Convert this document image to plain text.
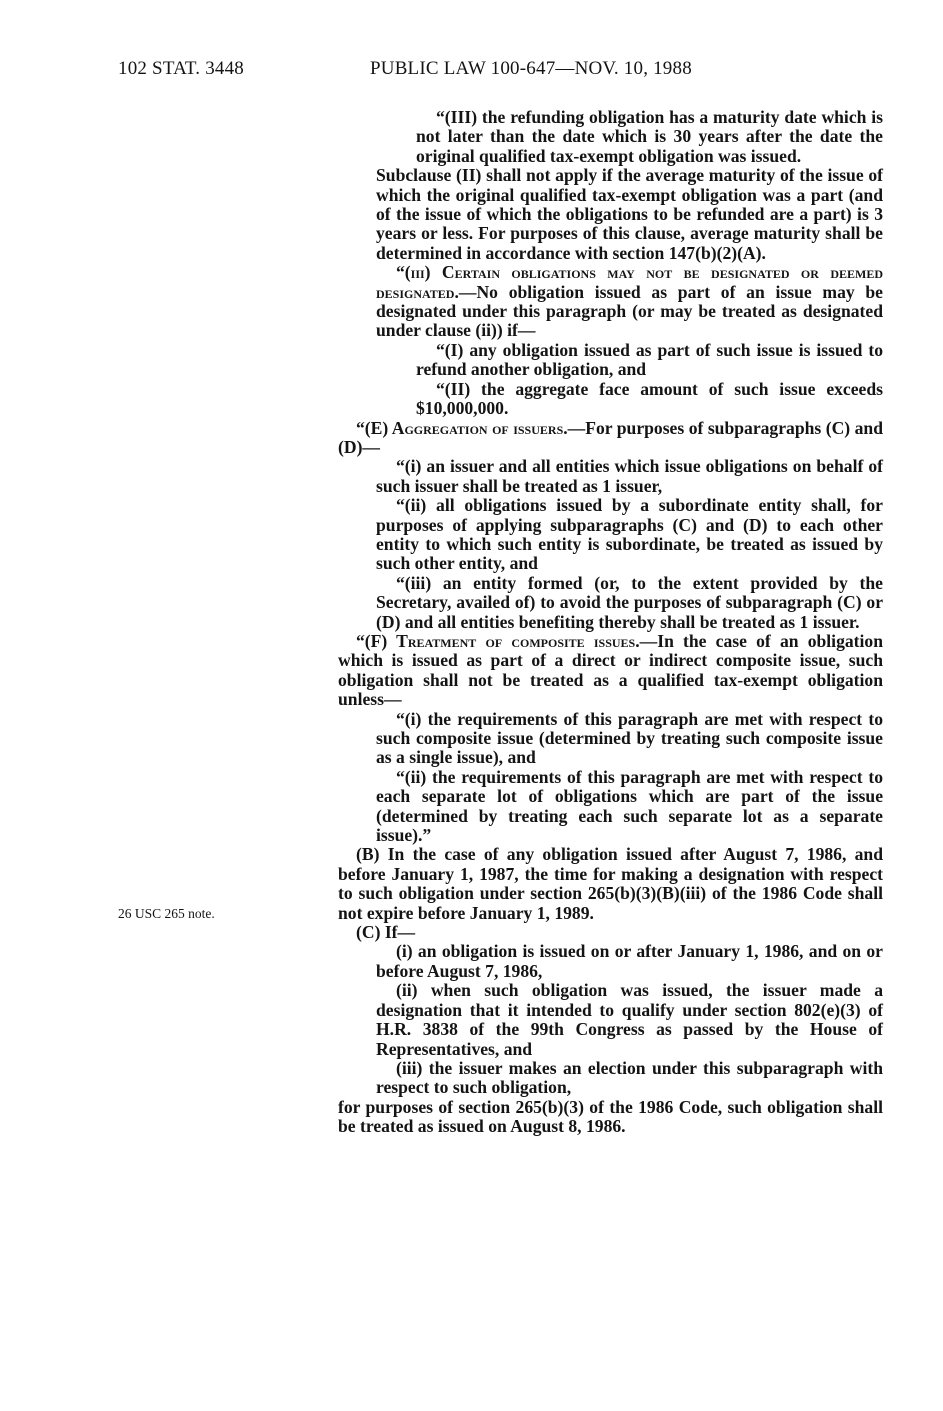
102 STAT. 3448	PUBLIC LAW 100-647—NOV. 10, 1988
26 USC 265 note.

“(III) the refunding obligation has a maturity date which is not later than the date which is 30 years after the date the original qualified tax-exempt obligation was issued.

Subclause (II) shall not apply if the average maturity of the issue of which the original qualified tax-exempt obligation was a part (and of the issue of which the obligations to be refunded are a part) is 3 years or less. For purposes of this clause, average maturity shall be determined in accordance with section 147(b)(2)(A).

“(iii) Certain obligations may not be designated or deemed designated.—No obligation issued as part of an issue may be designated under this paragraph (or may be treated as designated under clause (ii)) if—

“(I) any obligation issued as part of such issue is issued to refund another obligation, and

“(II) the aggregate face amount of such issue exceeds $10,000,000.

“(E) Aggregation of issuers.—For purposes of subparagraphs (C) and (D)—

“(i) an issuer and all entities which issue obligations on behalf of such issuer shall be treated as 1 issuer,

“(ii) all obligations issued by a subordinate entity shall, for purposes of applying subparagraphs (C) and (D) to each other entity to which such entity is subordinate, be treated as issued by such other entity, and

“(iii) an entity formed (or, to the extent provided by the Secretary, availed of) to avoid the purposes of subparagraph (C) or (D) and all entities benefiting thereby shall be treated as 1 issuer.

“(F) Treatment of composite issues.—In the case of an obligation which is issued as part of a direct or indirect composite issue, such obligation shall not be treated as a qualified tax-exempt obligation unless—

“(i) the requirements of this paragraph are met with respect to such composite issue (determined by treating such composite issue as a single issue), and

“(ii) the requirements of this paragraph are met with respect to each separate lot of obligations which are part of the issue (determined by treating each such separate lot as a separate issue).”

(B) In the case of any obligation issued after August 7, 1986, and before January 1, 1987, the time for making a designation with respect to such obligation under section 265(b)(3)(B)(iii) of the 1986 Code shall not expire before January 1, 1989.

(C) If—

(i) an obligation is issued on or after January 1, 1986, and on or before August 7, 1986,

(ii) when such obligation was issued, the issuer made a designation that it intended to qualify under section 802(e)(3) of H.R. 3838 of the 99th Congress as passed by the House of Representatives, and

(iii) the issuer makes an election under this subparagraph with respect to such obligation,

for purposes of section 265(b)(3) of the 1986 Code, such obligation shall be treated as issued on August 8, 1986.
